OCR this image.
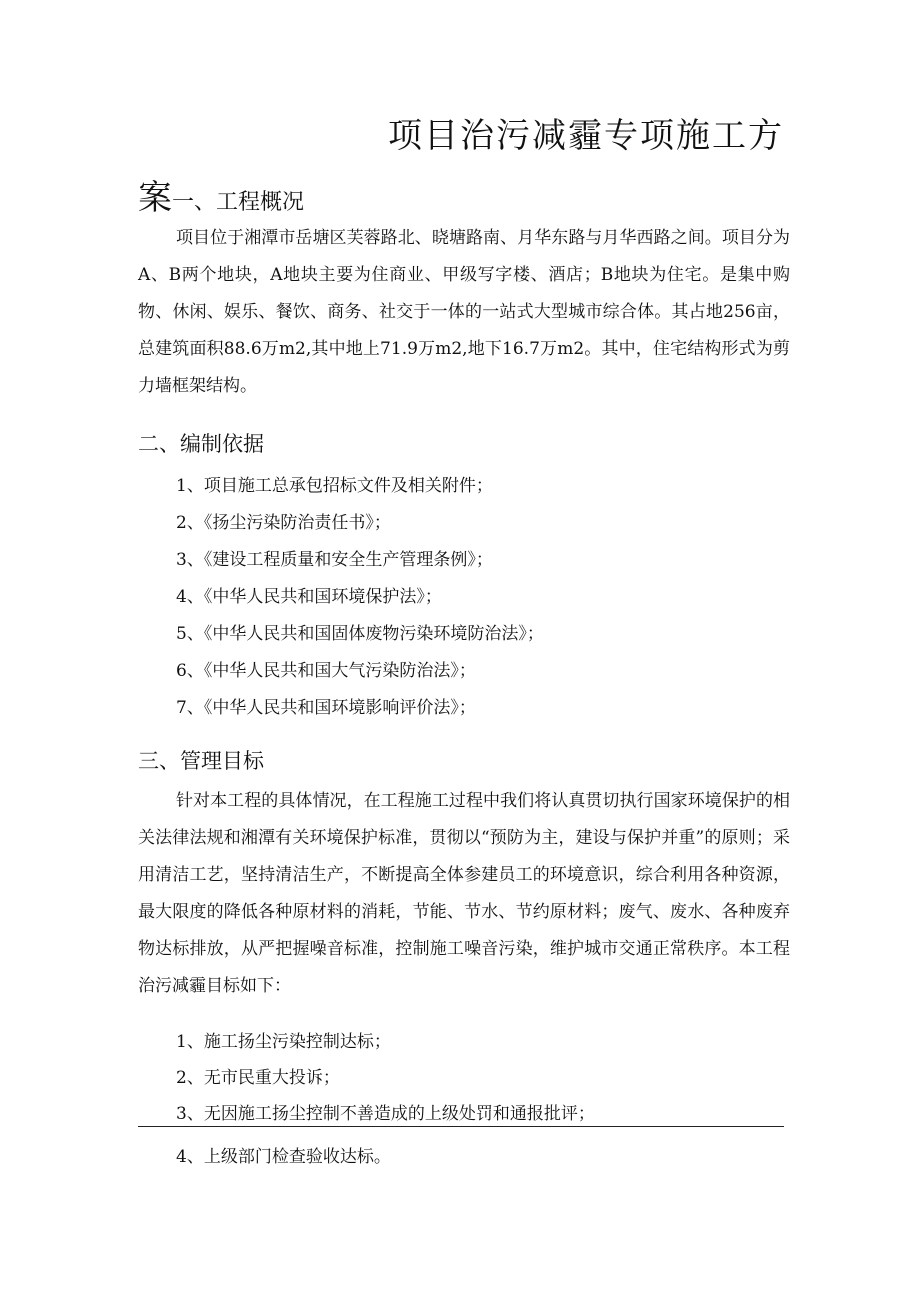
项目治污减霾专项施工方
案一、工程概况
项目位于湘潭市岳塘区芙蓉路北、晓塘路南、月华东路与月华西路之间。项目分为A、B两个地块，A地块主要为住商业、甲级写字楼、酒店；B地块为住宅。是集中购物、休闲、娱乐、餐饮、商务、社交于一体的一站式大型城市综合体。其占地256亩，总建筑面积88.6万m2,其中地上71.9万m2,地下16.7万m2。其中，住宅结构形式为剪力墙框架结构。
二、编制依据
1、项目施工总承包招标文件及相关附件；
2、《扬尘污染防治责任书》；
3、《建设工程质量和安全生产管理条例》；
4、《中华人民共和国环境保护法》；
5、《中华人民共和国固体废物污染环境防治法》；
6、《中华人民共和国大气污染防治法》；
7、《中华人民共和国环境影响评价法》；
三、管理目标
针对本工程的具体情况，在工程施工过程中我们将认真贯切执行国家环境保护的相关法律法规和湘潭有关环境保护标准，贯彻以“预防为主，建设与保护并重”的原则；采用清洁工艺，坚持清洁生产，不断提高全体参建员工的环境意识，综合利用各种资源，最大限度的降低各种原材料的消耗，节能、节水、节约原材料；废气、废水、各种废弃物达标排放，从严把握噪音标准，控制施工噪音污染，维护城市交通正常秩序。本工程治污减霾目标如下：
1、施工扬尘污染控制达标；
2、无市民重大投诉；
3、无因施工扬尘控制不善造成的上级处罚和通报批评；
4、上级部门检查验收达标。
